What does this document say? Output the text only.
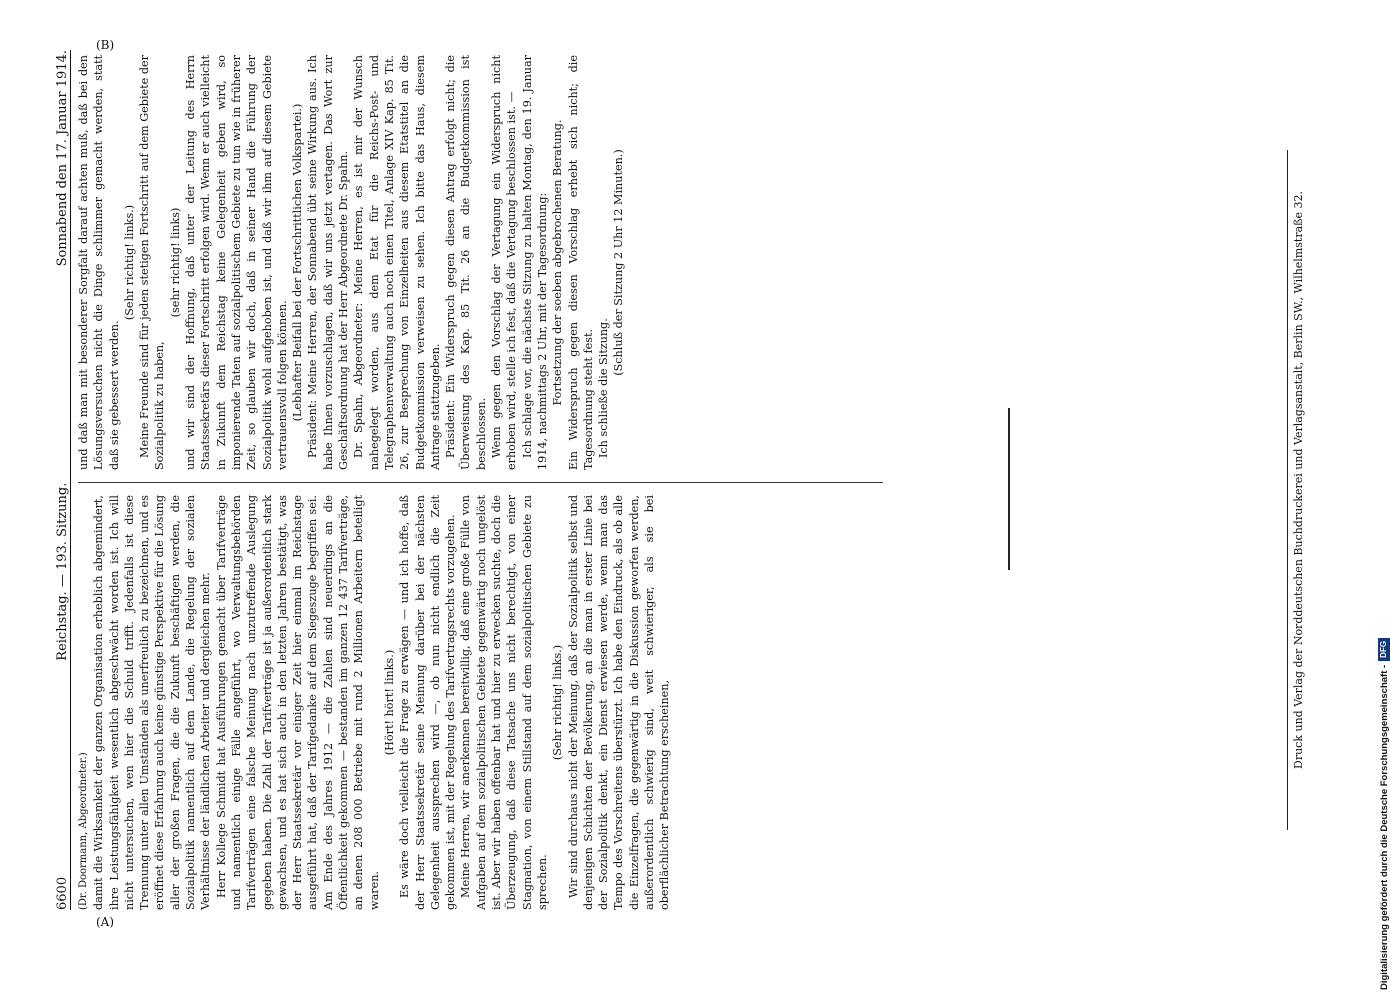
6600
Reichstag. — 193. Sitzung.
Sonnabend den 17. Januar 1914.

(Dr. Doormann, Abgeordneter.) damit die Wirksamkeit der ganzen Organisation erheblich abgemindert, ihre Leistungsfähigkeit wesentlich abgeschwächt worden ist. Ich will nicht untersuchen, wen hier die Schuld trifft. Jedenfalls ist diese Trennung unter allen Umständen als unerfreulich zu bezeichnen, und es eröffnet diese Erfahrung auch keine günstige Perspektive für die Lösung aller der großen Fragen, die die Zukunft beschäftigen werden, die Sozialpolitik namentlich auf dem Lande, die Regelung der sozialen Verhältnisse der ländlichen Arbeiter und dergleichen mehr. Herr Kollege Schmidt hat Ausführungen gemacht über Tarifverträge und namentlich einige Fälle angeführt, wo Verwaltungsbehörden Tarifverträgen eine falsche Meinung nach unzutreffende Auslegung gegeben haben. Die Zahl der Tarifverträge ist ja außerordentlich stark gewachsen, und es hat sich auch in den letzten Jahren bestätigt, was der Herr Staatssekretär vor einiger Zeit hier einmal im Reichstage ausgeführt hat, daß der Tarifgedanke auf dem Siegeszuge begriffen sei. Am Ende des Jahres 1912 — die Zahlen sind neuerdings an die Öffentlichkeit gekommen — bestanden im ganzen 12 437 Tarifverträge, an denen 208 000 Betriebe mit rund 2 Millionen Arbeitern beteiligt waren.

(Hört! hört! links.) Es wäre doch vielleicht die Frage zu erwägen — und ich hoffe, daß der Herr Staatssekretär seine Meinung darüber bei der nächsten Gelegenheit aussprechen wird —, ob nun nicht endlich die Zeit gekommen ist, mit der Regelung des Tarifvertragsrechts vorzugehen. Meine Herren, wir anerkennen bereitwillig, daß eine große Fülle von Aufgaben auf dem sozialpolitischen Gebiete gegenwärtig noch ungelöst ist. Aber wir haben offenbar hat und hier zu erwecken suchte, doch die Überzeugung, daß diese Tatsache uns nicht berechtigt, von einer Stagnation, von einem Stillstand auf dem sozialpolitischen Gebiete zu sprechen.

(Sehr richtig! links.) Wir sind durchaus nicht der Meinung, daß der Sozialpolitik selbst und denjenigen Schichten der Bevölkerung, an die man in erster Linie bei der Sozialpolitik denkt, ein Dienst erwiesen werde, wenn man das Tempo des Vorschreitens überstürzt. Ich habe den Eindruck, als ob alle die Einzelfragen, die gegenwärtig in die Diskussion geworfen werden, außerordentlich schwierig sind, weit schwieriger, als sie bei oberflächlicher Betrachtung erscheinen,

und daß man mit besonderer Sorgfalt darauf achten muß, daß bei den Lösungsversuchen nicht die Dinge schlimmer gemacht werden, statt daß sie gebessert werden.

(Sehr richtig! links.) Meine Freunde sind für jeden stetigen Fortschritt auf dem Gebiete der Sozialpolitik zu haben,

(sehr richtig! links) und wir sind der Hoffnung, daß unter der Leitung des Herrn Staatssekretärs dieser Fortschritt erfolgen wird. Wenn er auch vielleicht in Zukunft dem Reichstag keine Gelegenheit geben wird, so imponierende Taten auf sozialpolitischem Gebiete zu tun wie in früherer Zeit, so glauben wir doch, daß in seiner Hand die Führung der Sozialpolitik wohl aufgehoben ist, und daß wir ihm auf diesem Gebiete vertrauensvoll folgen können. (Lebhafter Beifall bei der Fortschrittlichen Volkspartei.) Präsident: Meine Herren, der Sonnabend übt seine Wirkung aus. Ich habe Ihnen vorzuschlagen, daß wir uns jetzt vertagen. Das Wort zur Geschäftsordnung hat der Herr Abgeordnete Dr. Spahn. Dr. Spahn, Abgeordneter: Meine Herren, es ist mir der Wunsch nahegelegt worden, aus dem Etat für die Reichs-Post- und Telegraphenverwaltung auch noch einen Titel, Anlage XIV Kap. 85 Tit. 26, zur Besprechung von Einzelheiten aus diesem Etatstitel an die Budgetkommission verweisen zu sehen. Ich bitte das Haus, diesem Antrage stattzugeben. Präsident: Ein Widerspruch gegen diesen Antrag erfolgt nicht; die Überweisung des Kap. 85 Tit. 26 an die Budgetkommission ist beschlossen. Wenn gegen den Vorschlag der Vertagung ein Widerspruch nicht erhoben wird, stelle ich fest, daß die Vertagung beschlossen ist. — Ich schlage vor, die nächste Sitzung zu halten Montag, den 19. Januar 1914, nachmittags 2 Uhr, mit der Tagesordnung: Fortsetzung der soeben abgebrochenen Beratung. Ein Widerspruch gegen diesen Vorschlag erhebt sich nicht; die Tagesordnung steht fest. Ich schließe die Sitzung.

(Schluß der Sitzung 2 Uhr 12 Minuten.)

(A)
(B)
Druck und Verlag der Norddeutschen Buchdruckerei und Verlagsanstalt, Berlin SW., Wilhelmstraße 32.
Digitalisierung gefördert durch die Deutsche Forschungsgemeinschaft -
DFG
